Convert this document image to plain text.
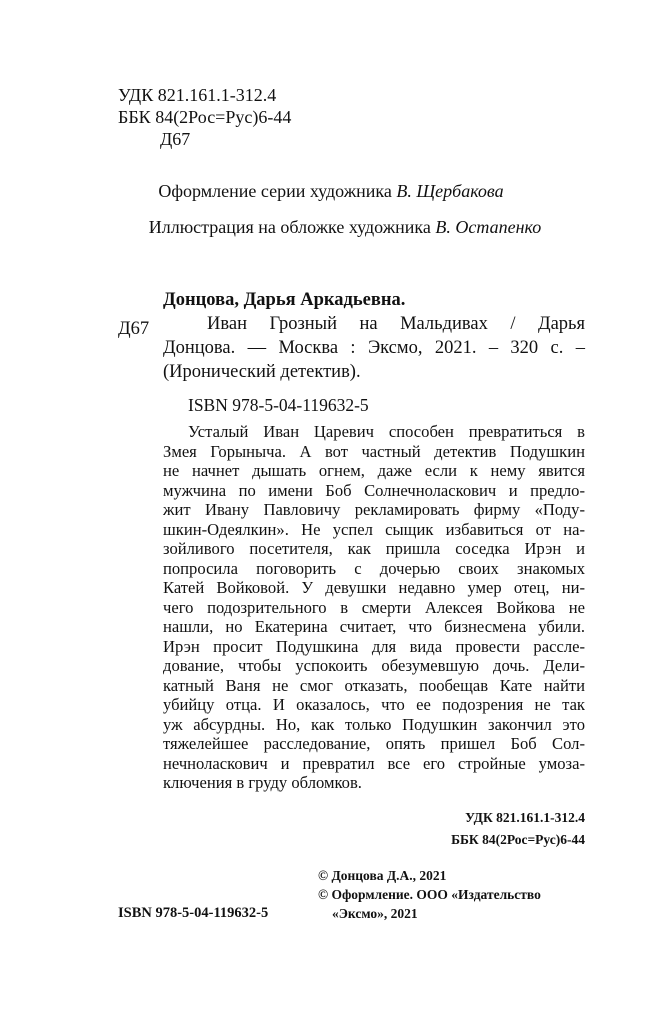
УДК 821.161.1-312.4
ББК 84(2Рос=Рус)6-44
Д67
Оформление серии художника В. Щербакова
Иллюстрация на обложке художника В. Остапенко
Донцова, Дарья Аркадьевна.
Д67	Иван Грозный на Мальдивах / Дарья
Донцова. — Москва : Эксмо, 2021. – 320 с. –
(Иронический детектив).
ISBN 978-5-04-119632-5
Усталый Иван Царевич способен превратиться в
Змея Горыныча. А вот частный детектив Подушкин
не начнет дышать огнем, даже если к нему явится
мужчина по имени Боб Солнечноласкович и предло-
жит Ивану Павловичу рекламировать фирму «Поду-
шкин-Одеялкин». Не успел сыщик избавиться от на-
зойливого посетителя, как пришла соседка Ирэн и
попросила поговорить с дочерью своих знакомых
Катей Войковой. У девушки недавно умер отец, ни-
чего подозрительного в смерти Алексея Войкова не
нашли, но Екатерина считает, что бизнесмена убили.
Ирэн просит Подушкина для вида провести рассле-
дование, чтобы успокоить обезумевшую дочь. Дели-
катный Ваня не смог отказать, пообещав Кате найти
убийцу отца. И оказалось, что ее подозрения не так
уж абсурдны. Но, как только Подушкин закончил это
тяжелейшее расследование, опять пришел Боб Сол-
нечноласкович и превратил все его стройные умоза-
ключения в груду обломков.
УДК 821.161.1-312.4
ББК 84(2Рос=Рус)6-44
© Донцова Д.А., 2021
© Оформление. ООО «Издательство
«Эксмо», 2021
ISBN 978-5-04-119632-5
